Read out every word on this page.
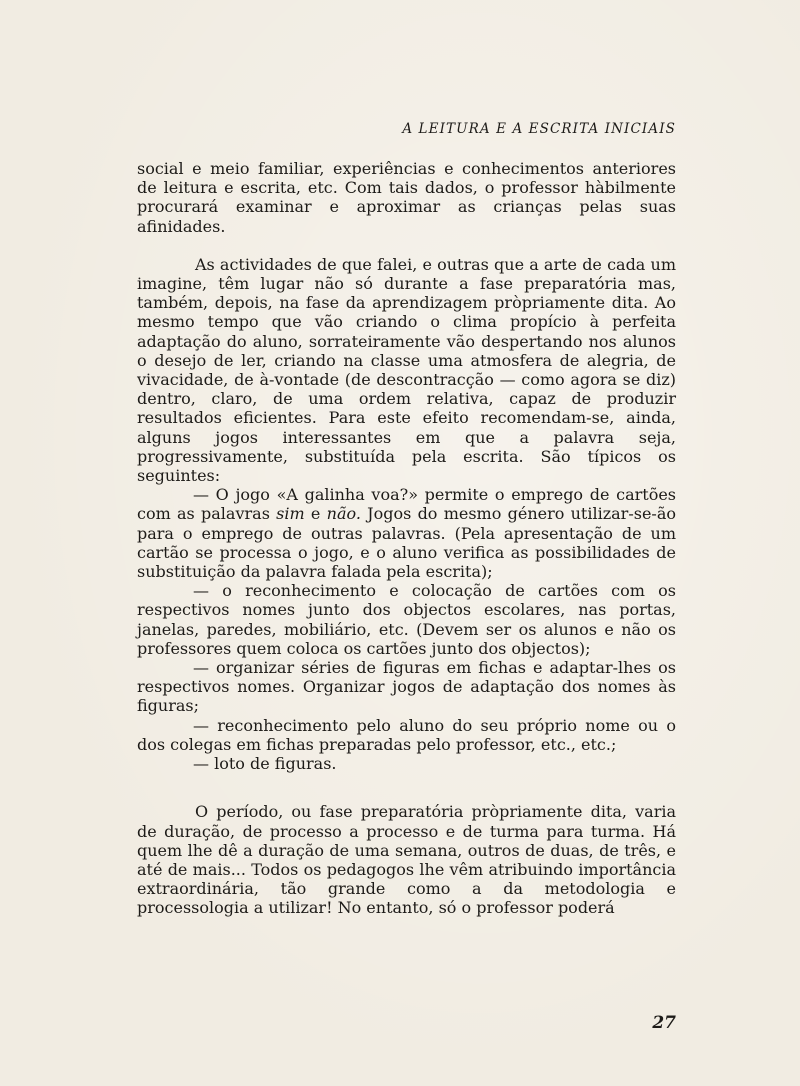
A LEITURA E A ESCRITA INICIAIS

social e meio familiar, experiências e conhecimentos anteriores de leitura e escrita, etc. Com tais dados, o professor hàbilmente procurará examinar e aproximar as crianças pelas suas afinidades.

As actividades de que falei, e outras que a arte de cada um imagine, têm lugar não só durante a fase preparatória mas, também, depois, na fase da aprendizagem pròpriamente dita. Ao mesmo tempo que vão criando o clima propício à perfeita adaptação do aluno, sorrateiramente vão despertando nos alunos o desejo de ler, criando na classe uma atmosfera de alegria, de vivacidade, de à-vontade (de descontracção — como agora se diz) dentro, claro, de uma ordem relativa, capaz de produzir resultados eficientes. Para este efeito recomendam-se, ainda, alguns jogos interessantes em que a palavra seja, progressivamente, substituída pela escrita. São típicos os seguintes:

— O jogo «A galinha voa?» permite o emprego de cartões com as palavras sim e não. Jogos do mesmo género utilizar-se-ão para o emprego de outras palavras. (Pela apresentação de um cartão se processa o jogo, e o aluno verifica as possibilidades de substituição da palavra falada pela escrita);

— o reconhecimento e colocação de cartões com os respectivos nomes junto dos objectos escolares, nas portas, janelas, paredes, mobiliário, etc. (Devem ser os alunos e não os professores quem coloca os cartões junto dos objectos);

— organizar séries de figuras em fichas e adaptar-lhes os respectivos nomes. Organizar jogos de adaptação dos nomes às figuras;

— reconhecimento pelo aluno do seu próprio nome ou o dos colegas em fichas preparadas pelo professor, etc., etc.;

— loto de figuras.

O período, ou fase preparatória pròpriamente dita, varia de duração, de processo a processo e de turma para turma. Há quem lhe dê a duração de uma semana, outros de duas, de três, e até de mais... Todos os pedagogos lhe vêm atribuindo importância extraordinária, tão grande como a da metodologia e processologia a utilizar! No entanto, só o professor poderá

27
